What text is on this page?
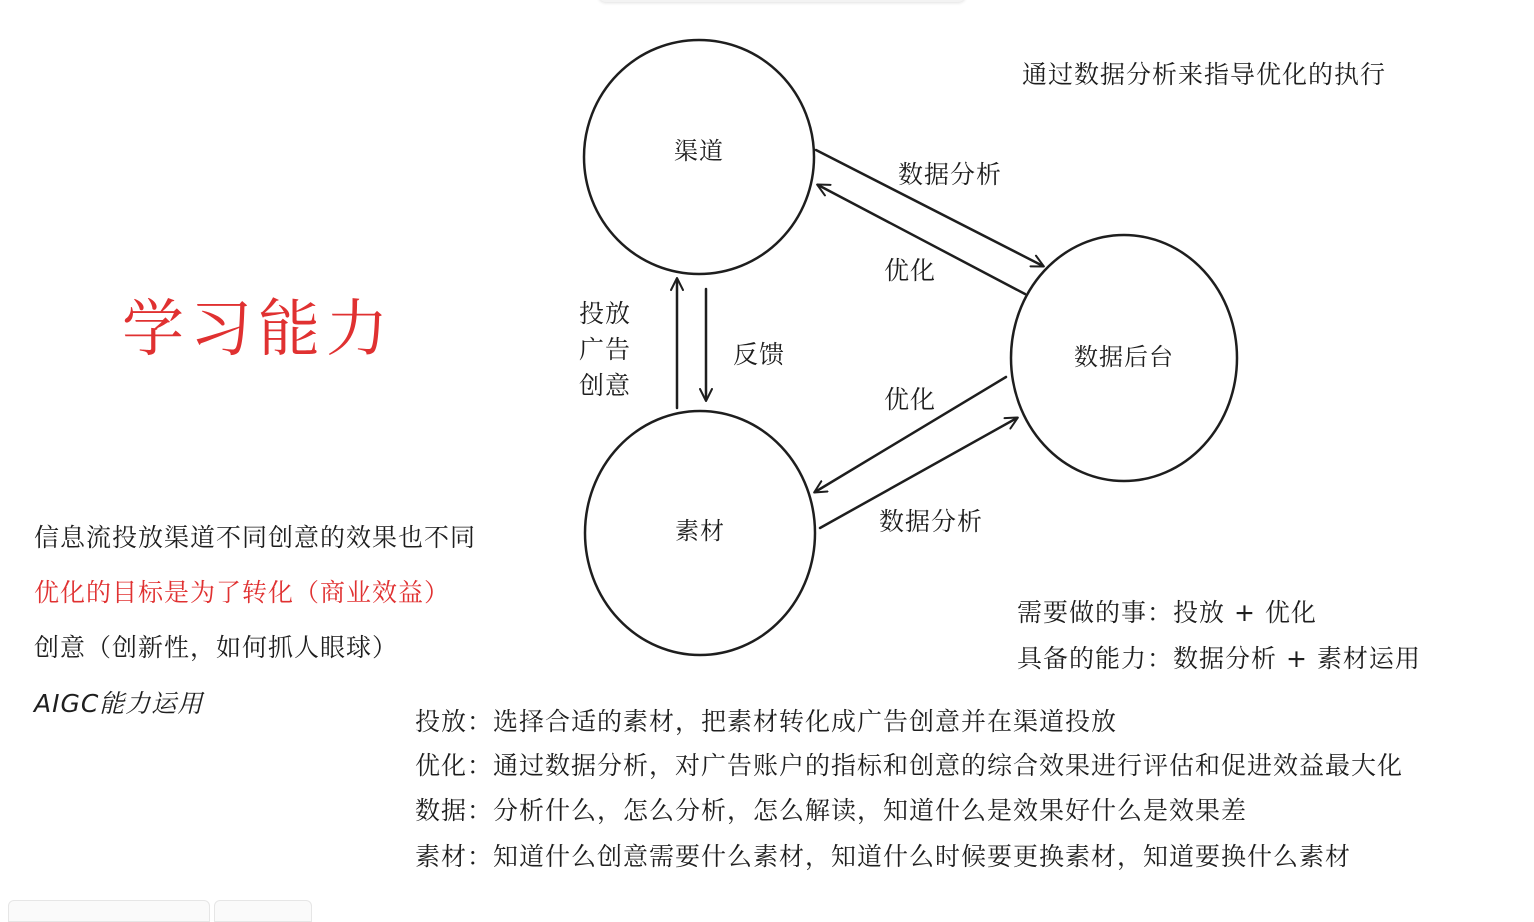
渠道
数据后台
素材
数据分析
优化
优化
数据分析
反馈
投放
广告
创意
学习能力
通过数据分析来指导优化的执行
信息流投放渠道不同创意的效果也不同
优化的目标是为了转化（商业效益）
创意（创新性，如何抓人眼球）
AIGC能力运用
需要做的事：投放 + 优化
具备的能力：数据分析 + 素材运用
投放：选择合适的素材，把素材转化成广告创意并在渠道投放
优化：通过数据分析，对广告账户的指标和创意的综合效果进行评估和促进效益最大化
数据：分析什么，怎么分析，怎么解读，知道什么是效果好什么是效果差
素材：知道什么创意需要什么素材，知道什么时候要更换素材，知道要换什么素材
